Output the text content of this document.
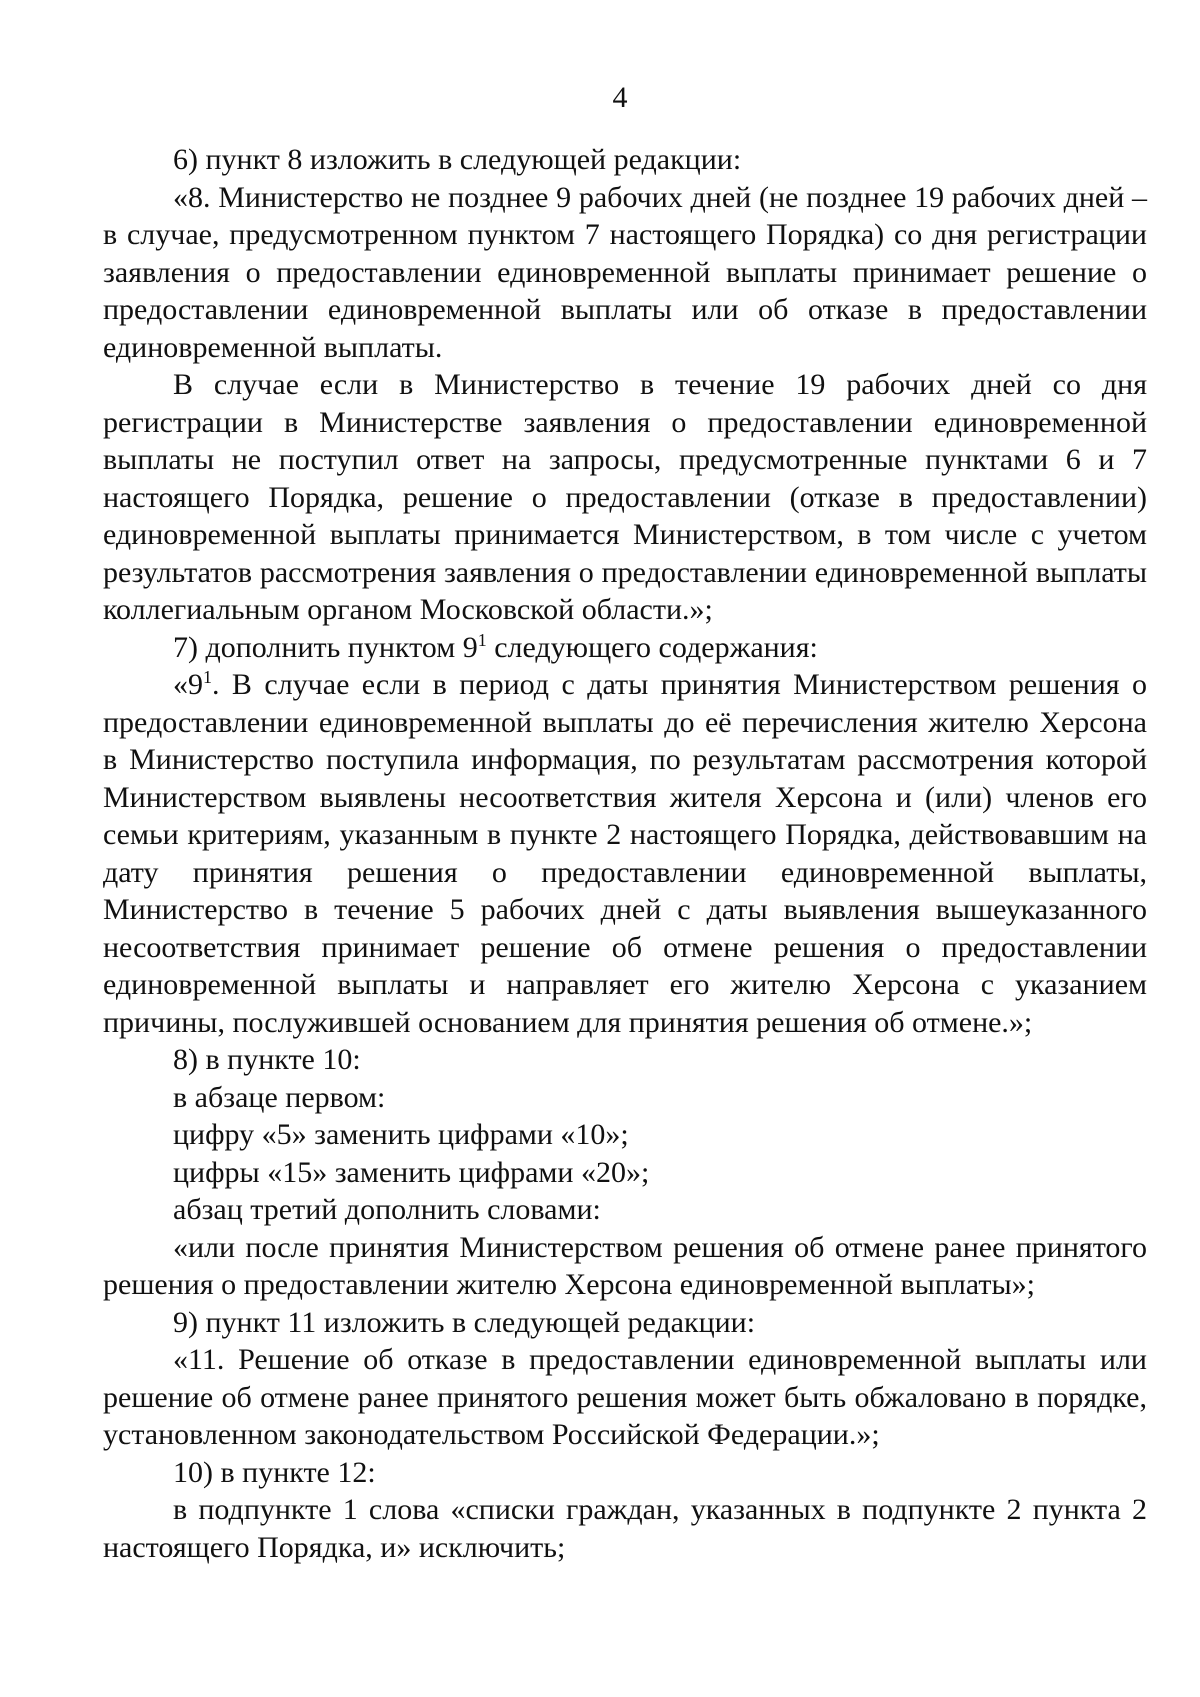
4

6) пункт 8 изложить в следующей редакции:

«8. Министерство не позднее 9 рабочих дней (не позднее 19 рабочих дней – в случае, предусмотренном пунктом 7 настоящего Порядка) со дня регистрации заявления о предоставлении единовременной выплаты принимает решение о предоставлении единовременной выплаты или об отказе в предоставлении единовременной выплаты.

В случае если в Министерство в течение 19 рабочих дней со дня регистрации в Министерстве заявления о предоставлении единовременной выплаты не поступил ответ на запросы, предусмотренные пунктами 6 и 7 настоящего Порядка, решение о предоставлении (отказе в предоставлении) единовременной выплаты принимается Министерством, в том числе с учетом результатов рассмотрения заявления о предоставлении единовременной выплаты коллегиальным органом Московской области.»;

7) дополнить пунктом $9^1$ следующего содержания:

«$9^1$. В случае если в период с даты принятия Министерством решения о предоставлении единовременной выплаты до её перечисления жителю Херсона в Министерство поступила информация, по результатам рассмотрения которой Министерством выявлены несоответствия жителя Херсона и (или) членов его семьи критериям, указанным в пункте 2 настоящего Порядка, действовавшим на дату принятия решения о предоставлении единовременной выплаты, Министерство в течение 5 рабочих дней с даты выявления вышеуказанного несоответствия принимает решение об отмене решения о предоставлении единовременной выплаты и направляет его жителю Херсона с указанием причины, послужившей основанием для принятия решения об отмене.»;

8) в пункте 10:

в абзаце первом:

цифру «5» заменить цифрами «10»;

цифры «15» заменить цифрами «20»;

абзац третий дополнить словами:

«или после принятия Министерством решения об отмене ранее принятого решения о предоставлении жителю Херсона единовременной выплаты»;

9) пункт 11 изложить в следующей редакции:

«11. Решение об отказе в предоставлении единовременной выплаты или решение об отмене ранее принятого решения может быть обжаловано в порядке, установленном законодательством Российской Федерации.»;

10) в пункте 12:

в подпункте 1 слова «списки граждан, указанных в подпункте 2 пункта 2 настоящего Порядка, и» исключить;
